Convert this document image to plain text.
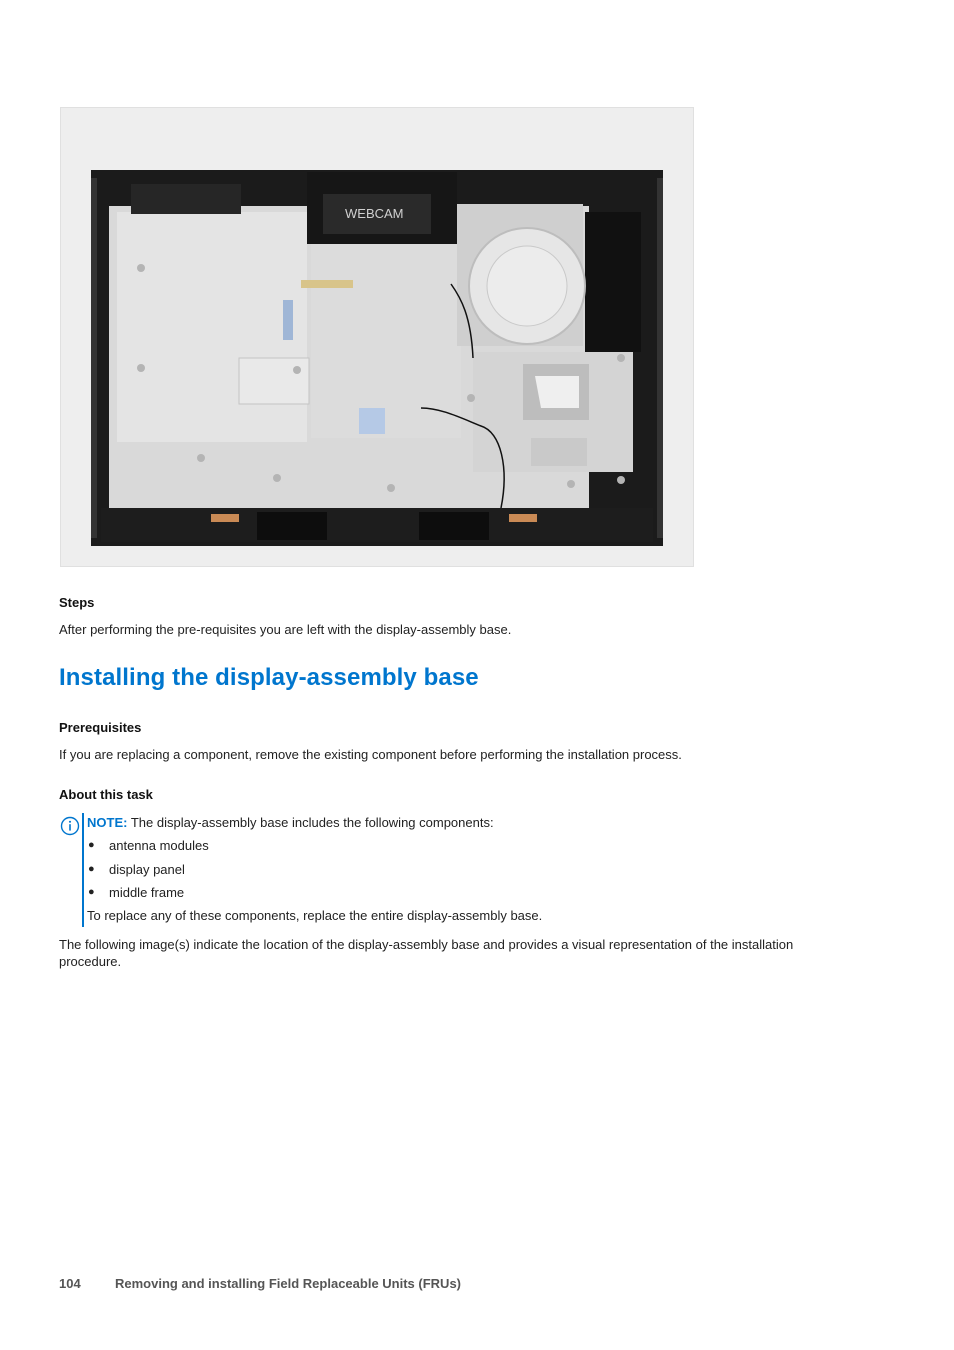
WEBCAM
Steps
After performing the pre-requisites you are left with the display-assembly base.
Installing the display-assembly base
Prerequisites
If you are replacing a component, remove the existing component before performing the installation process.
About this task
NOTE: The display-assembly base includes the following components:
● antenna modules
● display panel
● middle frame
To replace any of these components, replace the entire display-assembly base.
The following image(s) indicate the location of the display-assembly base and provides a visual representation of the installation
procedure.
104	Removing and installing Field Replaceable Units (FRUs)
